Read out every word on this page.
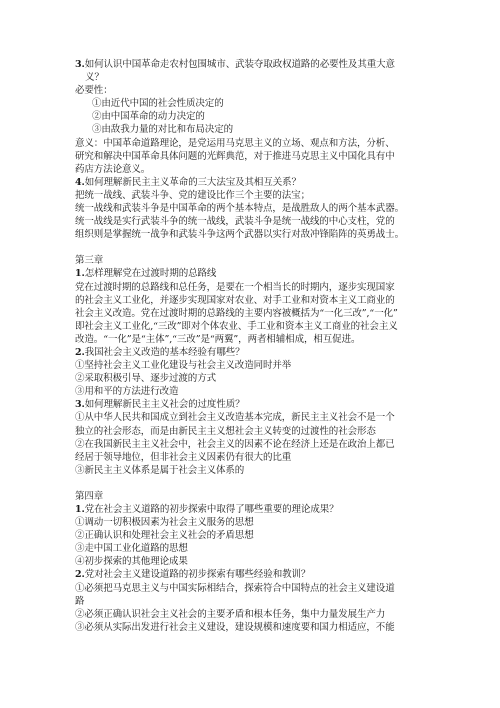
3.如何认识中国革命走农村包围城市、武装夺取政权道路的必要性及其重大意
义？
必要性：
①由近代中国的社会性质决定的
②由中国革命的动力决定的
③由敌我力量的对比和布局决定的
意义：中国革命道路理论，是党运用马克思主义的立场、观点和方法，分析、
研究和解决中国革命具体问题的光辉典范，对于推进马克思主义中国化具有中
药店方法论意义。
4.如何理解新民主主义革命的三大法宝及其相互关系？
把统一战线、武装斗争、党的建设比作三个主要的法宝；
统一战线和武装斗争是中国革命的两个基本特点，是战胜敌人的两个基本武器。
统一战线是实行武装斗争的统一战线，武装斗争是统一战线的中心支柱，党的
组织则是掌握统一战争和武装斗争这两个武器以实行对敌冲锋陷阵的英勇战士。
第三章
1.怎样理解党在过渡时期的总路线
党在过渡时期的总路线和总任务，是要在一个相当长的时期内，逐步实现国家
的社会主义工业化，并逐步实现国家对农业、对手工业和对资本主义工商业的
社会主义改造。党在过渡时期的总路线的主要内容被概括为“一化三改”,“一化”
即社会主义工业化,“三改”即对个体农业、手工业和资本主义工商业的社会主义
改造。“一化”是“主体”,“三改”是“两翼”，两者相辅相成，相互促进。
2.我国社会主义改造的基本经验有哪些？
①坚持社会主义工业化建设与社会主义改造同时并举
②采取积极引导、逐步过渡的方式
③用和平的方法进行改造
3.如何理解新民主主义社会的过度性质？
①从中华人民共和国成立到社会主义改造基本完成，新民主主义社会不是一个
独立的社会形态，而是由新民主主义想社会主义转变的过渡性的社会形态
②在我国新民主主义社会中，社会主义的因素不论在经济上还是在政治上都已
经居于领导地位，但非社会主义因素仍有很大的比重
③新民主主义体系是属于社会主义体系的
第四章
1.党在社会主义道路的初步探索中取得了哪些重要的理论成果？
①调动一切积极因素为社会主义服务的思想
②正确认识和处理社会主义社会的矛盾思想
③走中国工业化道路的思想
④初步探索的其他理论成果
2.党对社会主义建设道路的初步探索有哪些经验和教训？
①必须把马克思主义与中国实际相结合，探索符合中国特点的社会主义建设道
路
②必须正确认识社会主义社会的主要矛盾和根本任务，集中力量发展生产力
③必须从实际出发进行社会主义建设，建设规模和速度要和国力相适应，不能
